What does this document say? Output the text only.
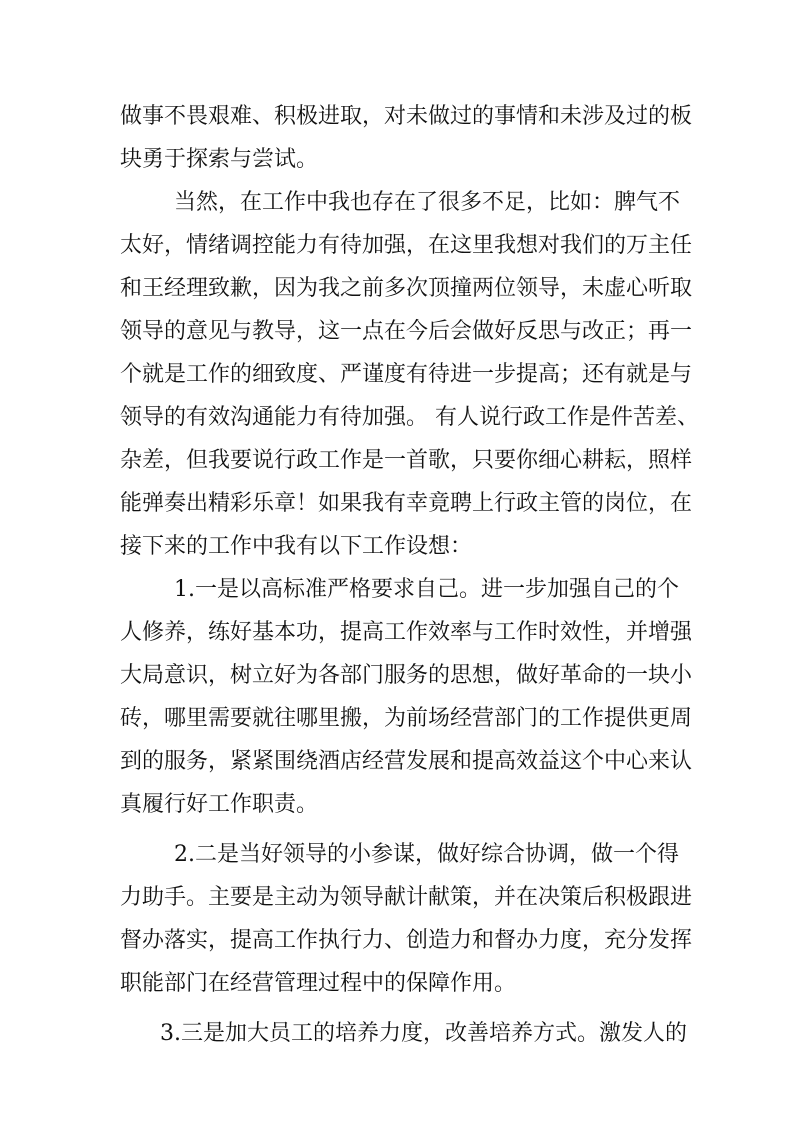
做事不畏艰难、积极进取，对未做过的事情和未涉及过的板

块勇于探索与尝试。

当然，在工作中我也存在了很多不足，比如：脾气不

太好，情绪调控能力有待加强，在这里我想对我们的万主任

和王经理致歉，因为我之前多次顶撞两位领导，未虚心听取

领导的意见与教导，这一点在今后会做好反思与改正；再一

个就是工作的细致度、严谨度有待进一步提高；还有就是与

领导的有效沟通能力有待加强。 有人说行政工作是件苦差、

杂差，但我要说行政工作是一首歌，只要你细心耕耘，照样

能弹奏出精彩乐章！如果我有幸竟聘上行政主管的岗位，在

接下来的工作中我有以下工作设想：

1.一是以高标准严格要求自己。进一步加强自己的个

人修养，练好基本功，提高工作效率与工作时效性，并增强

大局意识，树立好为各部门服务的思想，做好革命的一块小

砖，哪里需要就往哪里搬，为前场经营部门的工作提供更周

到的服务，紧紧围绕酒店经营发展和提高效益这个中心来认

真履行好工作职责。

2.二是当好领导的小参谋，做好综合协调，做一个得

力助手。主要是主动为领导献计献策，并在决策后积极跟进

督办落实，提高工作执行力、创造力和督办力度，充分发挥

职能部门在经营管理过程中的保障作用。

3.三是加大员工的培养力度，改善培养方式。激发人的
